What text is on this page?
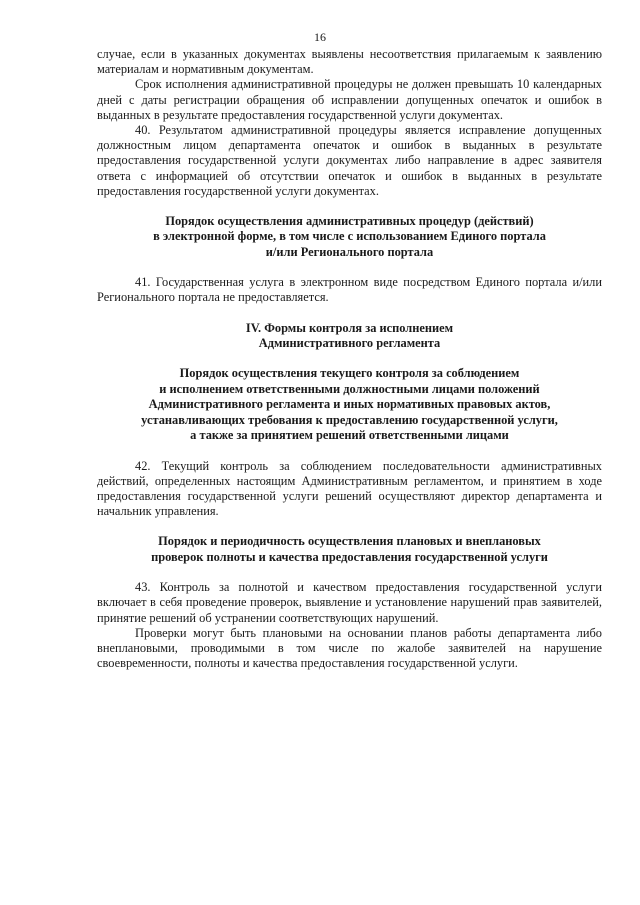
16

случае, если в указанных документах выявлены несоответствия прилагаемым к заявлению материалам и нормативным документам.

Срок исполнения административной процедуры не должен превышать 10 календарных дней с даты регистрации обращения об исправлении допущенных опечаток и ошибок в выданных в результате предоставления государственной услуги документах.

40. Результатом административной процедуры является исправление допущенных должностным лицом департамента опечаток и ошибок в выданных в результате предоставления государственной услуги документах либо направление в адрес заявителя ответа с информацией об отсутствии опечаток и ошибок в выданных в результате предоставления государственной услуги документах.

Порядок осуществления административных процедур (действий)

в электронной форме, в том числе с использованием Единого портала

и/или Регионального портала

41. Государственная услуга в электронном виде посредством Единого портала и/или Регионального портала не предоставляется.

IV. Формы контроля за исполнением

Административного регламента

Порядок осуществления текущего контроля за соблюдением

и исполнением ответственными должностными лицами положений

Административного регламента и иных нормативных правовых актов,

устанавливающих требования к предоставлению государственной услуги,

а также за принятием решений ответственными лицами

42. Текущий контроль за соблюдением последовательности административных действий, определенных настоящим Административным регламентом, и принятием в ходе предоставления государственной услуги решений осуществляют директор департамента и начальник управления.

Порядок и периодичность осуществления плановых и внеплановых

проверок полноты и качества предоставления государственной услуги

43. Контроль за полнотой и качеством предоставления государственной услуги включает в себя проведение проверок, выявление и установление нарушений прав заявителей, принятие решений об устранении соответствующих нарушений.

Проверки могут быть плановыми на основании планов работы департамента либо внеплановыми, проводимыми в том числе по жалобе заявителей на нарушение своевременности, полноты и качества предоставления государственной услуги.
